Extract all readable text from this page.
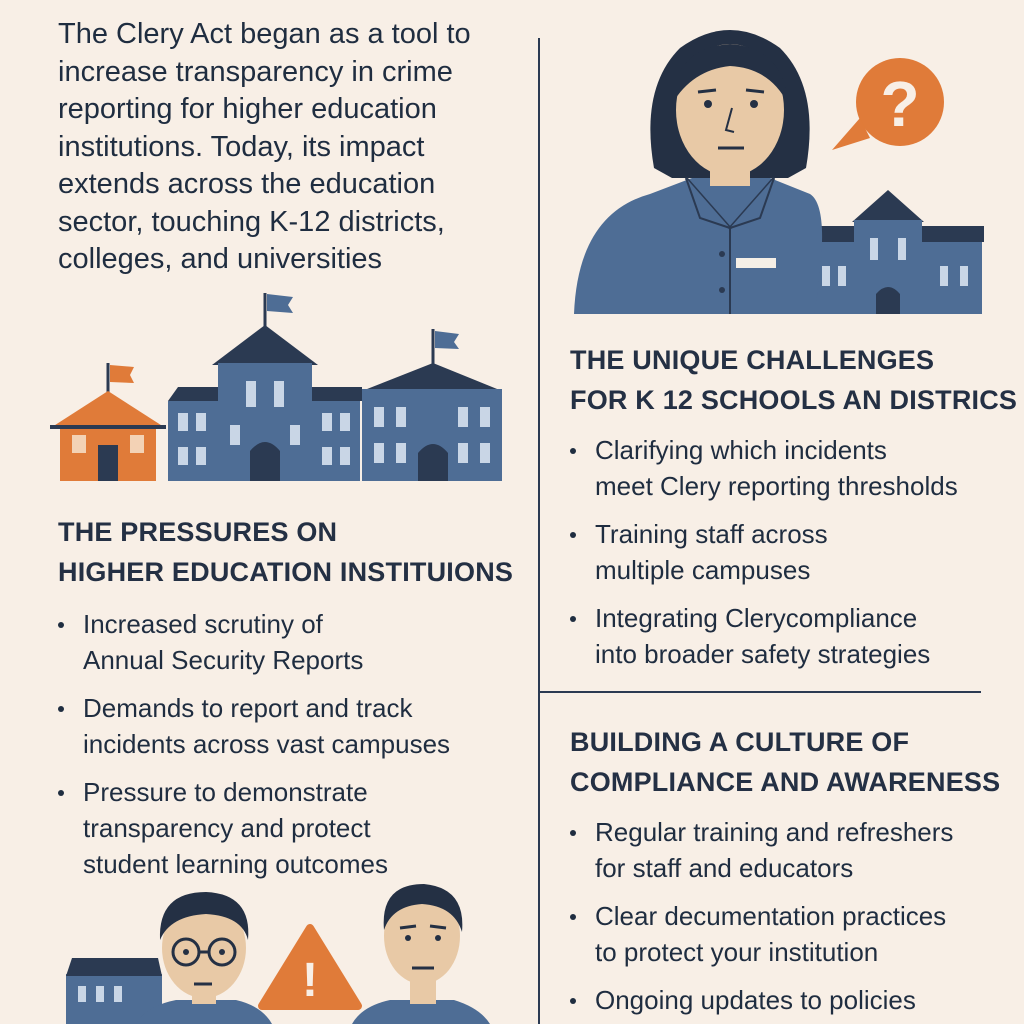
The Clery Act began as a tool to
increase transparency in crime
reporting for higher education
institutions. Today, its impact
extends across the education
sector, touching K-12 districts,
colleges, and universities

?
!
THE PRESSURES ON
HIGHER EDUCATION INSTITUIONS
Increased scrutiny of
Annual Security Reports
Demands to report and track
incidents across vast campuses
Pressure to demonstrate
transparency and protect
student learning outcomes
THE UNIQUE CHALLENGES
FOR K 12 SCHOOLS AN DISTRICS
Clarifying which incidents
meet Clery reporting thresholds
Training staff across
multiple campuses
Integrating Clerycompliance
into broader safety strategies
BUILDING A CULTURE OF
COMPLIANCE AND AWARENESS
Regular training and refreshers
for staff and educators
Clear decumentation practices
to protect your institution
Ongoing updates to policies
